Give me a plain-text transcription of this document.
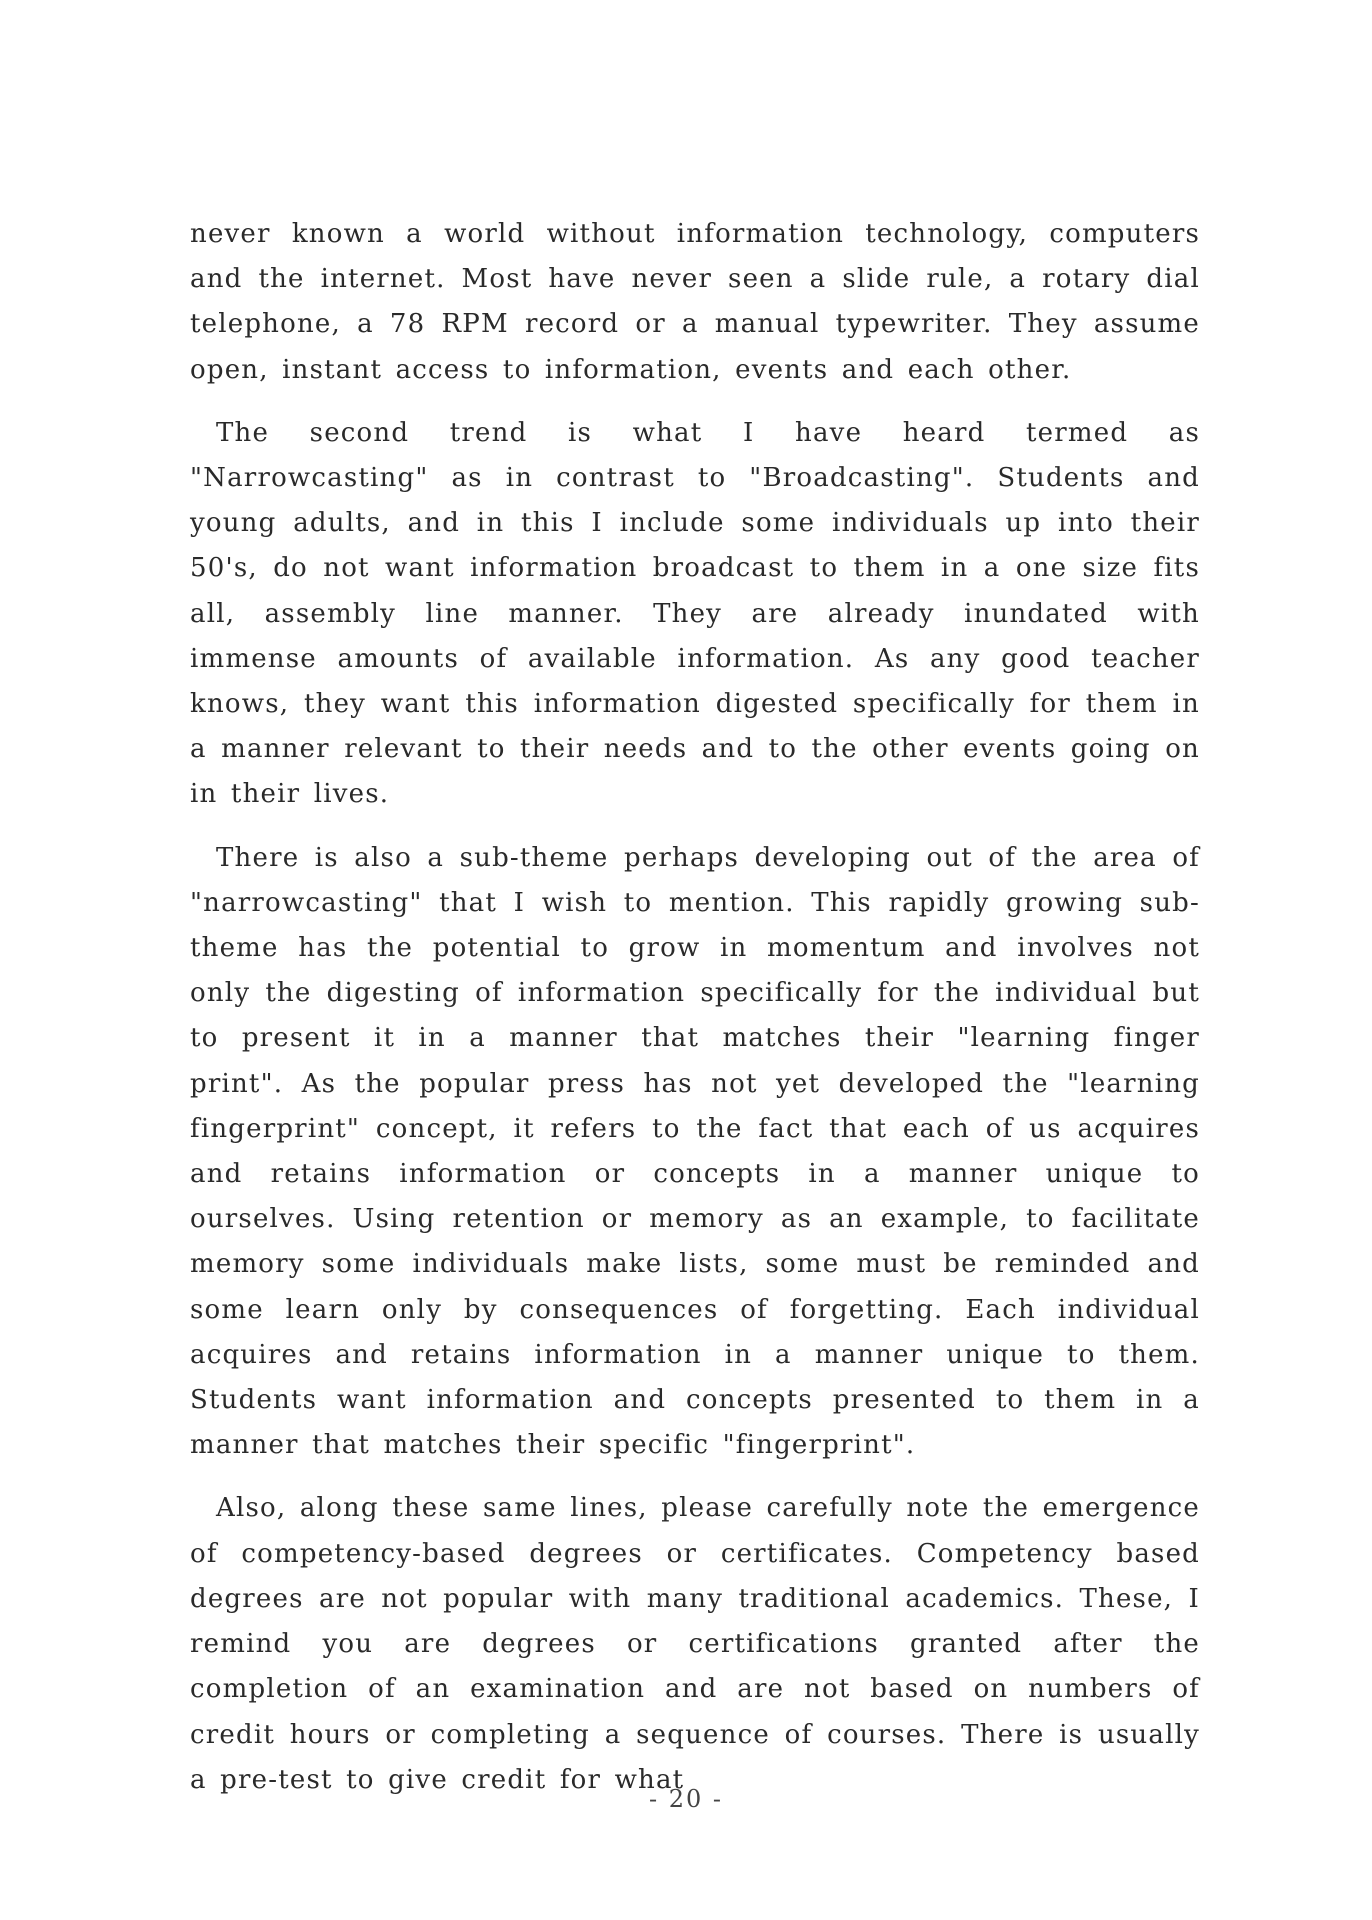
never known a world without information technology, computers and the internet. Most have never seen a slide rule, a rotary dial telephone, a 78 RPM record or a manual typewriter. They assume open, instant access to information, events and each other.

The second trend is what I have heard termed as "Narrowcasting" as in contrast to "Broadcasting". Students and young adults, and in this I include some individuals up into their 50's, do not want information broadcast to them in a one size fits all, assembly line manner. They are already inundated with immense amounts of available information. As any good teacher knows, they want this information digested specifically for them in a manner relevant to their needs and to the other events going on in their lives.

There is also a sub-theme perhaps developing out of the area of "narrowcasting" that I wish to mention. This rapidly growing sub-theme has the potential to grow in momentum and involves not only the digesting of information specifically for the individual but to present it in a manner that matches their "learning finger print". As the popular press has not yet developed the "learning fingerprint" concept, it refers to the fact that each of us acquires and retains information or concepts in a manner unique to ourselves. Using retention or memory as an example, to facilitate memory some individuals make lists, some must be reminded and some learn only by consequences of forgetting. Each individual acquires and retains information in a manner unique to them. Students want information and concepts presented to them in a manner that matches their specific "fingerprint".

Also, along these same lines, please carefully note the emergence of competency-based degrees or certificates. Competency based degrees are not popular with many traditional academics. These, I remind you are degrees or certifications granted after the completion of an examination and are not based on numbers of credit hours or completing a sequence of courses. There is usually a pre-test to give credit for what

- 20 -
